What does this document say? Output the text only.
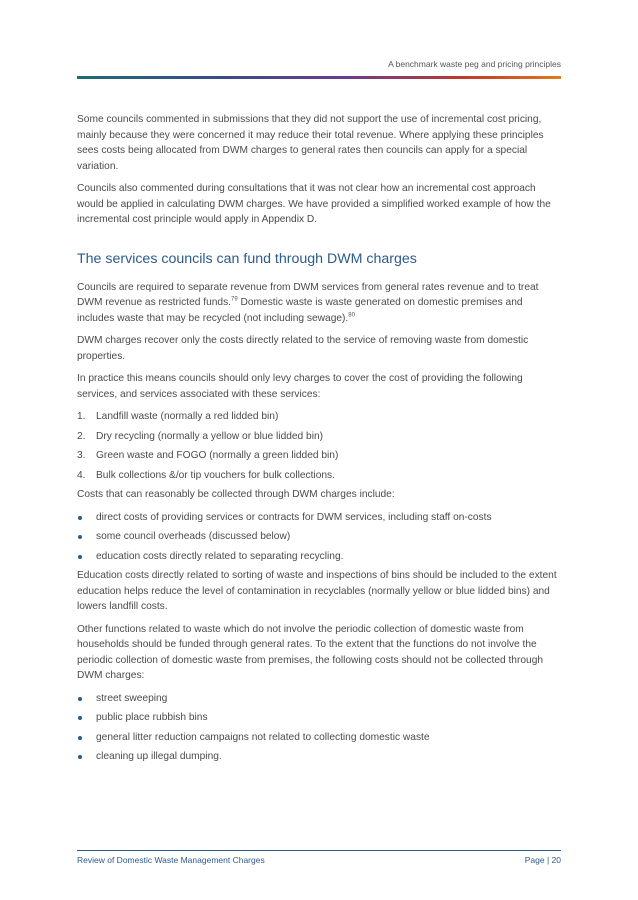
A benchmark waste peg and pricing principles

Some councils commented in submissions that they did not support the use of incremental cost pricing, mainly because they were concerned it may reduce their total revenue. Where applying these principles sees costs being allocated from DWM charges to general rates then councils can apply for a special variation.

Councils also commented during consultations that it was not clear how an incremental cost approach would be applied in calculating DWM charges. We have provided a simplified worked example of how the incremental cost principle would apply in Appendix D.

The services councils can fund through DWM charges

Councils are required to separate revenue from DWM services from general rates revenue and to treat DWM revenue as restricted funds.$^{79}$ Domestic waste is waste generated on domestic premises and includes waste that may be recycled (not including sewage).$^{80}$

DWM charges recover only the costs directly related to the service of removing waste from domestic properties.

In practice this means councils should only levy charges to cover the cost of providing the following services, and services associated with these services:

1. Landfill waste (normally a red lidded bin)
2. Dry recycling (normally a yellow or blue lidded bin)
3. Green waste and FOGO (normally a green lidded bin)
4. Bulk collections &/or tip vouchers for bulk collections.

Costs that can reasonably be collected through DWM charges include:

direct costs of providing services or contracts for DWM services, including staff on-costs
some council overheads (discussed below)
education costs directly related to separating recycling.

Education costs directly related to sorting of waste and inspections of bins should be included to the extent education helps reduce the level of contamination in recyclables (normally yellow or blue lidded bins) and lowers landfill costs.

Other functions related to waste which do not involve the periodic collection of domestic waste from households should be funded through general rates. To the extent that the functions do not involve the periodic collection of domestic waste from premises, the following costs should not be collected through DWM charges:

street sweeping
public place rubbish bins
general litter reduction campaigns not related to collecting domestic waste
cleaning up illegal dumping.
Review of Domestic Waste Management Charges	Page | 20
